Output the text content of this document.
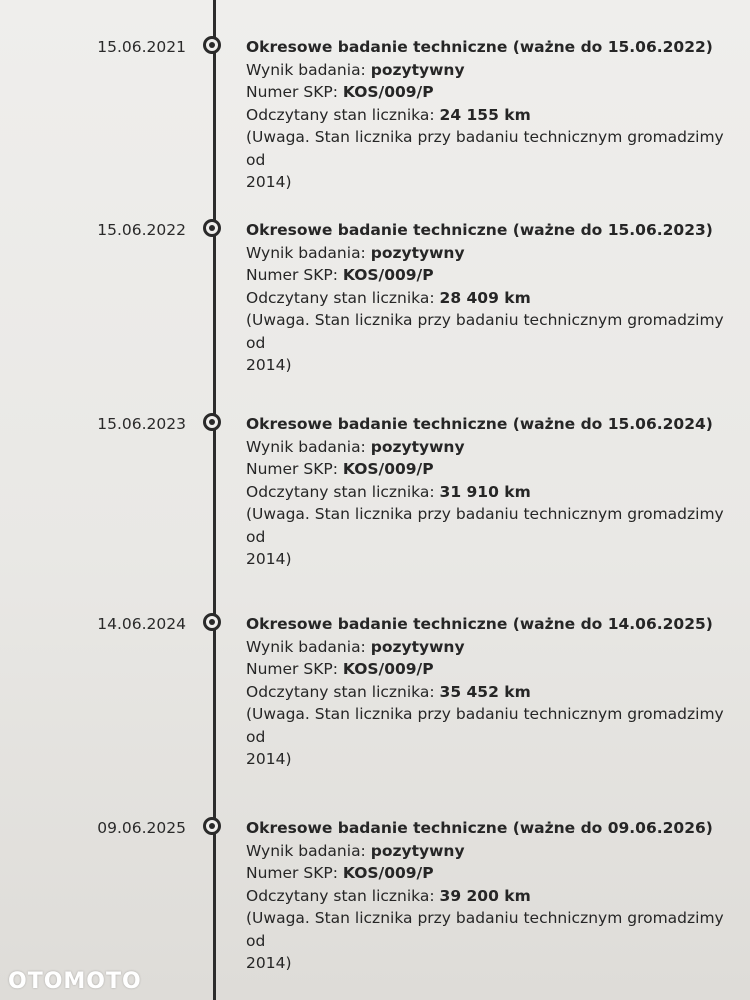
15.06.2021	Okresowe badanie techniczne (ważne do 15.06.2022)
Wynik badania: pozytywny
Numer SKP: KOS/009/P
Odczytany stan licznika: 24 155 km
(Uwaga. Stan licznika przy badaniu technicznym gromadzimy od
2014)
15.06.2022	Okresowe badanie techniczne (ważne do 15.06.2023)
Wynik badania: pozytywny
Numer SKP: KOS/009/P
Odczytany stan licznika: 28 409 km
(Uwaga. Stan licznika przy badaniu technicznym gromadzimy od
2014)
15.06.2023	Okresowe badanie techniczne (ważne do 15.06.2024)
Wynik badania: pozytywny
Numer SKP: KOS/009/P
Odczytany stan licznika: 31 910 km
(Uwaga. Stan licznika przy badaniu technicznym gromadzimy od
2014)
14.06.2024	Okresowe badanie techniczne (ważne do 14.06.2025)
Wynik badania: pozytywny
Numer SKP: KOS/009/P
Odczytany stan licznika: 35 452 km
(Uwaga. Stan licznika przy badaniu technicznym gromadzimy od
2014)
09.06.2025	Okresowe badanie techniczne (ważne do 09.06.2026)
Wynik badania: pozytywny
Numer SKP: KOS/009/P
Odczytany stan licznika: 39 200 km
(Uwaga. Stan licznika przy badaniu technicznym gromadzimy od
2014)
OTOMOTO
